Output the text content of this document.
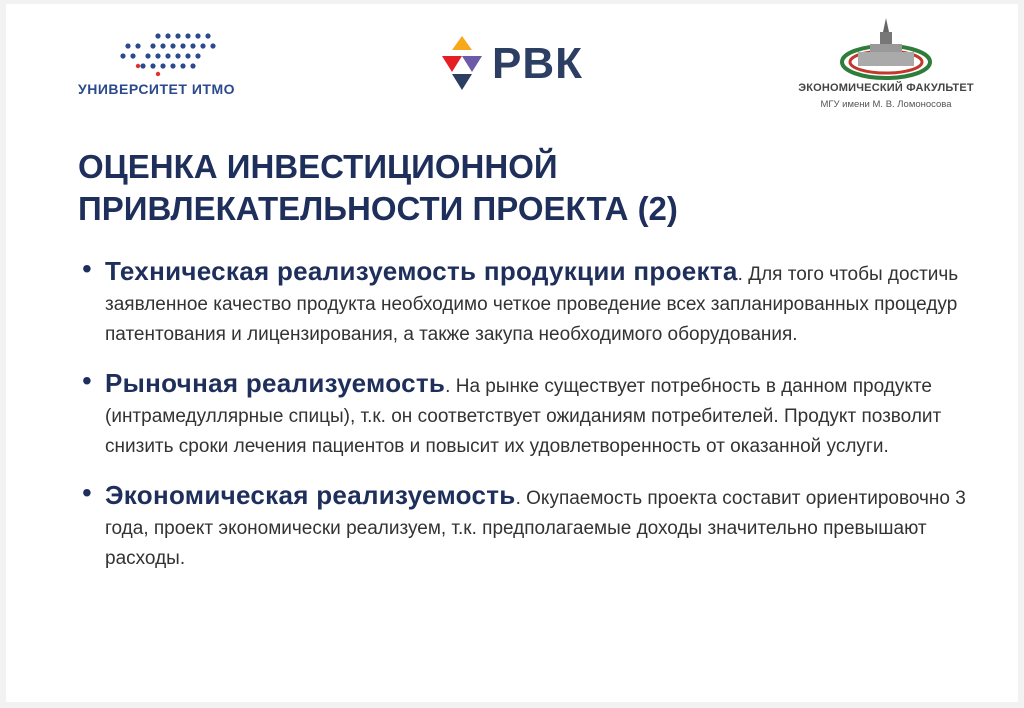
УНИВЕРСИТЕТ ИТМО
РВК	ЭКОНОМИЧЕСКИЙ ФАКУЛЬТЕТ
МГУ имени М. В. Ломоносова
ОЦЕНКА ИНВЕСТИЦИОННОЙ
ПРИВЛЕКАТЕЛЬНОСТИ ПРОЕКТА (2)
• Техническая реализуемость продукции проекта. Для того чтобы достичь заявленное качество продукта необходимо четкое проведение всех запланированных процедур патентования и лицензирования, а также закупа необходимого оборудования.
• Рыночная реализуемость. На рынке существует потребность в данном продукте (интрамедуллярные спицы), т.к. он соответствует ожиданиям потребителей. Продукт позволит снизить сроки лечения пациентов и повысит их удовлетворенность от оказанной услуги.
• Экономическая реализуемость. Окупаемость проекта составит ориентировочно 3 года, проект экономически реализуем, т.к. предполагаемые доходы значительно превышают расходы.
